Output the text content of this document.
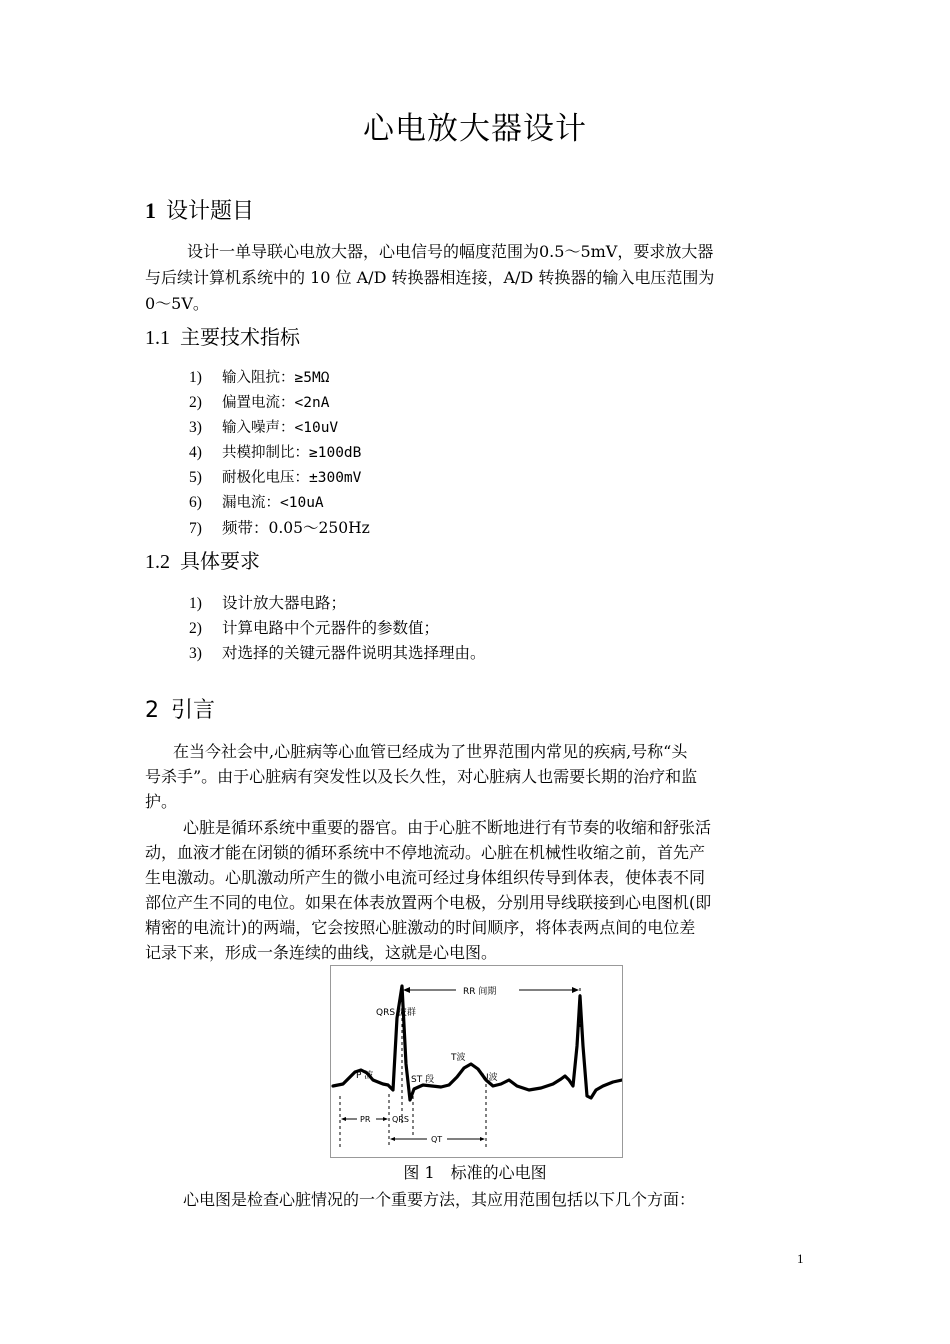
心电放大器设计
1 设计题目
设计一单导联心电放大器，心电信号的幅度范围为0.5～5mV，要求放大器
与后续计算机系统中的 10 位 A/D 转换器相连接，A/D 转换器的输入电压范围为
0～5V。
1.1 主要技术指标
1) 输入阻抗：≥5MΩ
2) 偏置电流：<2nA
3) 输入噪声：<10uV
4) 共模抑制比：≥100dB
5) 耐极化电压：±300mV
6) 漏电流：<10uA
7) 频带：0.05～250Hz
1.2 具体要求
1) 设计放大器电路；
2) 计算电路中个元器件的参数值；
3) 对选择的关键元器件说明其选择理由。
2 引言
在当今社会中,心脏病等心血管已经成为了世界范围内常见的疾病,号称“头
号杀手”。由于心脏病有突发性以及长久性，对心脏病人也需要长期的治疗和监
护。
心脏是循环系统中重要的器官。由于心脏不断地进行有节奏的收缩和舒张活
动，血液才能在闭锁的循环系统中不停地流动。心脏在机械性收缩之前，首先产
生电激动。心肌激动所产生的微小电流可经过身体组织传导到体表，使体表不同
部位产生不同的电位。如果在体表放置两个电极，分别用导线联接到心电图机(即
精密的电流计)的两端，它会按照心脏激动的时间顺序，将体表两点间的电位差
记录下来，形成一条连续的曲线，这就是心电图。
RR 间期
QRS 波群
T波
P 波	ST 段	U波
PR	QRS
QT
图 1　标准的心电图
心电图是检查心脏情况的一个重要方法，其应用范围包括以下几个方面：
1
